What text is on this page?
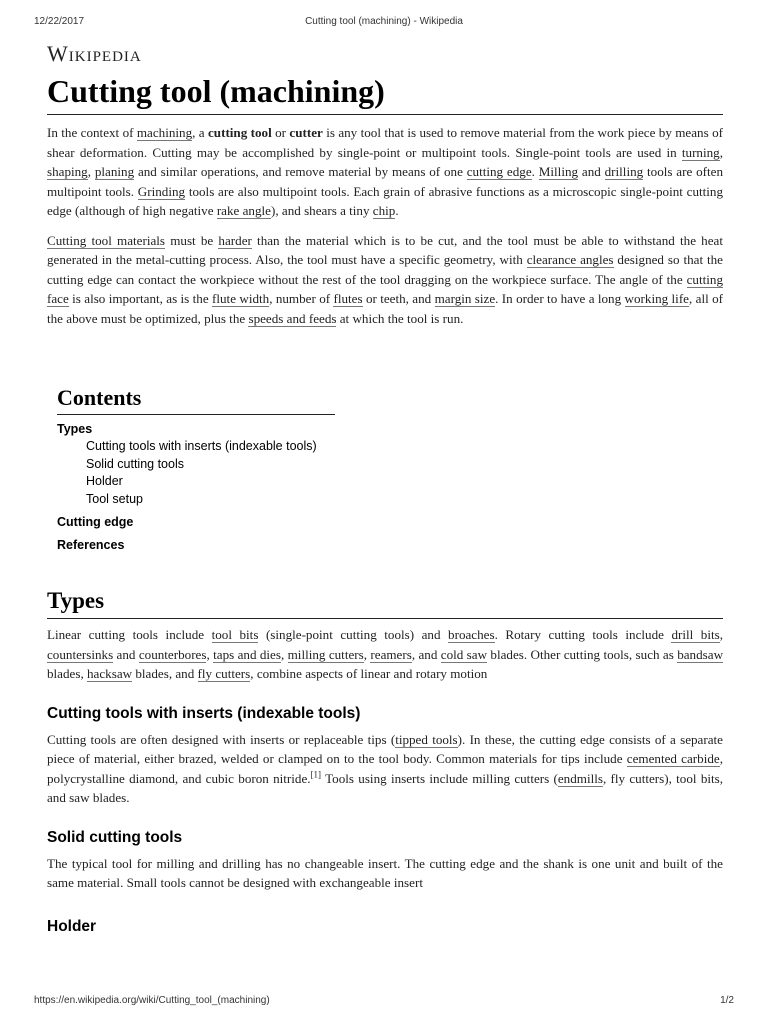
12/22/2017	Cutting tool (machining) - Wikipedia
Wikipedia
Cutting tool (machining)

In the context of machining, a cutting tool or cutter is any tool that is used to remove material from the work piece by means of shear deformation. Cutting may be accomplished by single-point or multipoint tools. Single-point tools are used in turning, shaping, planing and similar operations, and remove material by means of one cutting edge. Milling and drilling tools are often multipoint tools. Grinding tools are also multipoint tools. Each grain of abrasive functions as a microscopic single-point cutting edge (although of high negative rake angle), and shears a tiny chip.

Cutting tool materials must be harder than the material which is to be cut, and the tool must be able to withstand the heat generated in the metal-cutting process. Also, the tool must have a specific geometry, with clearance angles designed so that the cutting edge can contact the workpiece without the rest of the tool dragging on the workpiece surface. The angle of the cutting face is also important, as is the flute width, number of flutes or teeth, and margin size. In order to have a long working life, all of the above must be optimized, plus the speeds and feeds at which the tool is run.

Contents
Types
Cutting tools with inserts (indexable tools)
Solid cutting tools
Holder
Tool setup
Cutting edge
References
Types

Linear cutting tools include tool bits (single-point cutting tools) and broaches. Rotary cutting tools include drill bits, countersinks and counterbores, taps and dies, milling cutters, reamers, and cold saw blades. Other cutting tools, such as bandsaw blades, hacksaw blades, and fly cutters, combine aspects of linear and rotary motion

Cutting tools with inserts (indexable tools)

Cutting tools are often designed with inserts or replaceable tips (tipped tools). In these, the cutting edge consists of a separate piece of material, either brazed, welded or clamped on to the tool body. Common materials for tips include cemented carbide, polycrystalline diamond, and cubic boron nitride.[1] Tools using inserts include milling cutters (endmills, fly cutters), tool bits, and saw blades.

Solid cutting tools

The typical tool for milling and drilling has no changeable insert. The cutting edge and the shank is one unit and built of the same material. Small tools cannot be designed with exchangeable insert

Holder
https://en.wikipedia.org/wiki/Cutting_tool_(machining)	1/2
